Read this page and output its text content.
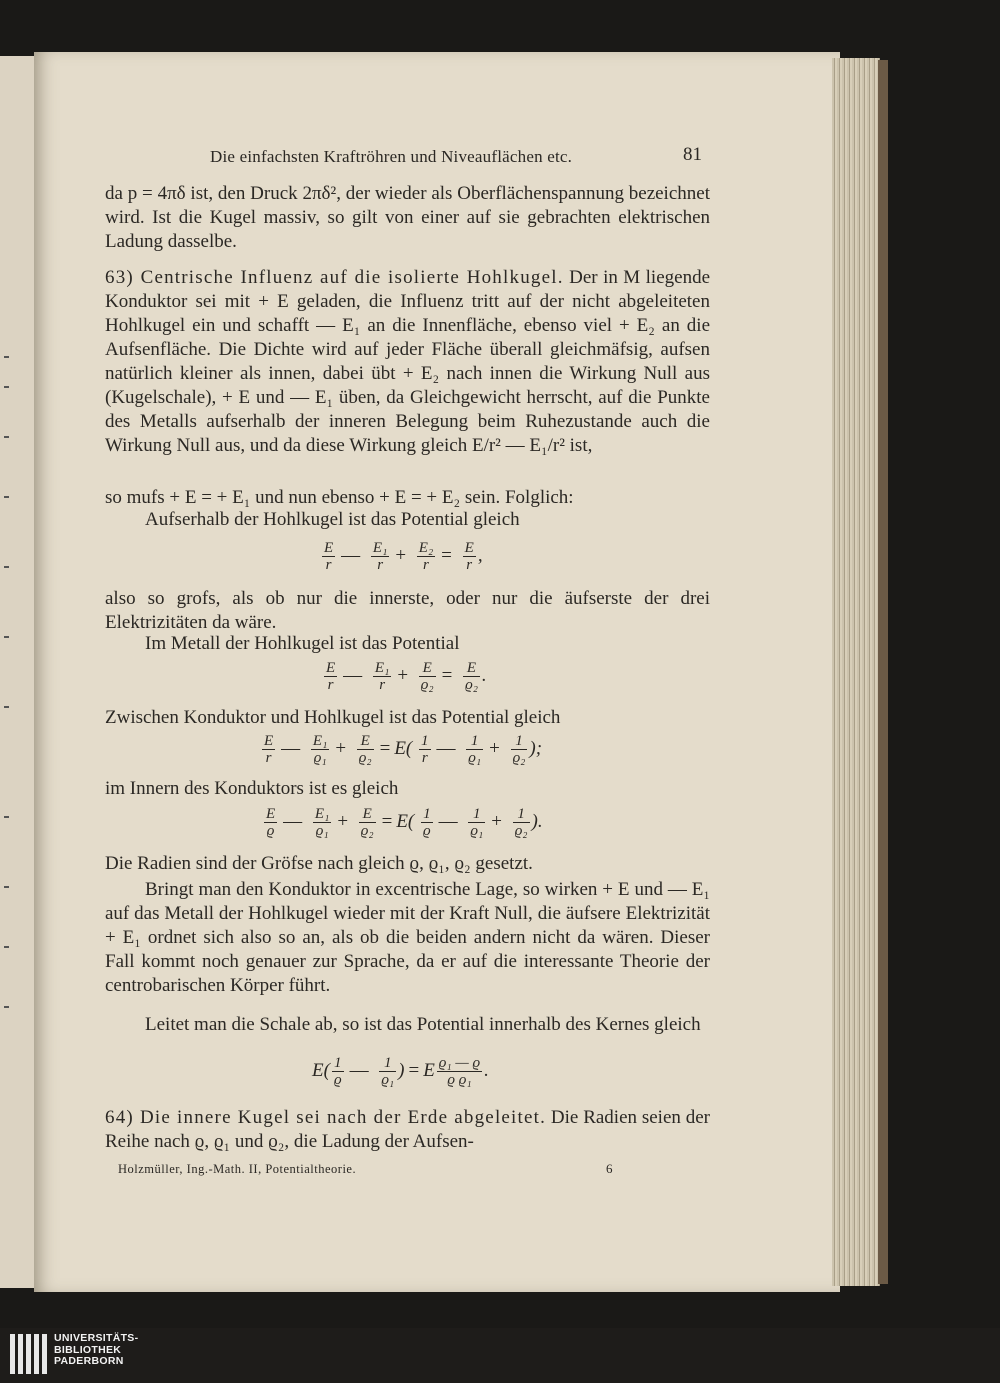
Die einfachsten Kraftröhren und Niveauflächen etc.	81
da p = 4πδ ist, den Druck 2πδ², der wieder als Oberflächenspannung bezeichnet wird. Ist die Kugel massiv, so gilt von einer auf sie gebrachten elektrischen Ladung dasselbe.
63) Centrische Influenz auf die isolierte Hohlkugel. Der in M liegende Konduktor sei mit + E geladen, die Influenz tritt auf der nicht abgeleiteten Hohlkugel ein und schafft — E₁ an die Innenfläche, ebenso viel + E₂ an die Aufsenfläche. Die Dichte wird auf jeder Fläche überall gleichmäfsig, aufsen natürlich kleiner als innen, dabei übt + E₂ nach innen die Wirkung Null aus (Kugelschale), + E und — E₁ üben, da Gleichgewicht herrscht, auf die Punkte des Metalls aufserhalb der inneren Belegung beim Ruhezustande auch die Wirkung Null aus, und da diese Wirkung gleich E/r² — E₁/r² ist,
so mufs + E = + E₁ und nun ebenso + E = + E₂ sein. Folglich:
Aufserhalb der Hohlkugel ist das Potential gleich
$\frac{E}{r}$ — $\frac{\text{E₁}}{r} + \frac{\text{E₂}}{r} = \frac{E}{r}$ ,
also so grofs, als ob nur die innerste, oder nur die äufserste der drei Elektrizitäten da wäre.
Im Metall der Hohlkugel ist das Potential
$\frac{E}{r}$ — $\frac{\text{E₁}}{r} + \frac{E}{\text{ϱ₂}} = \frac{E}{\text{ϱ₂}}$ .
Zwischen Konduktor und Hohlkugel ist das Potential gleich
$\frac{E}{r}$ — $\frac{\text{E₁}}{\text{ϱ₁}} + \frac{E}{\text{ϱ₂}} = E( \frac{1}{r}$ — $\frac{1}{\text{ϱ₁}} + \frac{1}{\text{ϱ₂}}$ );
im Innern des Konduktors ist es gleich
$\frac{E}{ϱ}$ — $\frac{\text{E₁}}{\text{ϱ₁}} + \frac{E}{\text{ϱ₂}} = E( \frac{1}{ϱ}$ — $\frac{1}{\text{ϱ₁}} + \frac{1}{\text{ϱ₂}}$ ).
Die Radien sind der Gröfse nach gleich ϱ, ϱ₁, ϱ₂ gesetzt.
Bringt man den Konduktor in excentrische Lage, so wirken + E und — E₁ auf das Metall der Hohlkugel wieder mit der Kraft Null, die äufsere Elektrizität + E₁ ordnet sich also so an, als ob die beiden andern nicht da wären. Dieser Fall kommt noch genauer zur Sprache, da er auf die interessante Theorie der centrobarischen Körper führt.
Leitet man die Schale ab, so ist das Potential innerhalb des Kernes gleich
$E( \frac{1}{ϱ}$ — $\frac{1}{\text{ϱ₁}}$ ) = E $\frac{\text{ϱ₁ — ϱ}}{\text{ϱ ϱ₁}}$ .
64) Die innere Kugel sei nach der Erde abgeleitet. Die Radien seien der Reihe nach ϱ, ϱ₁ und ϱ₂, die Ladung der Aufsen-
Holzmüller, Ing.-Math. II, Potentialtheorie.	6
UNIVERSITÄTS-
BIBLIOTHEK
PADERBORN
